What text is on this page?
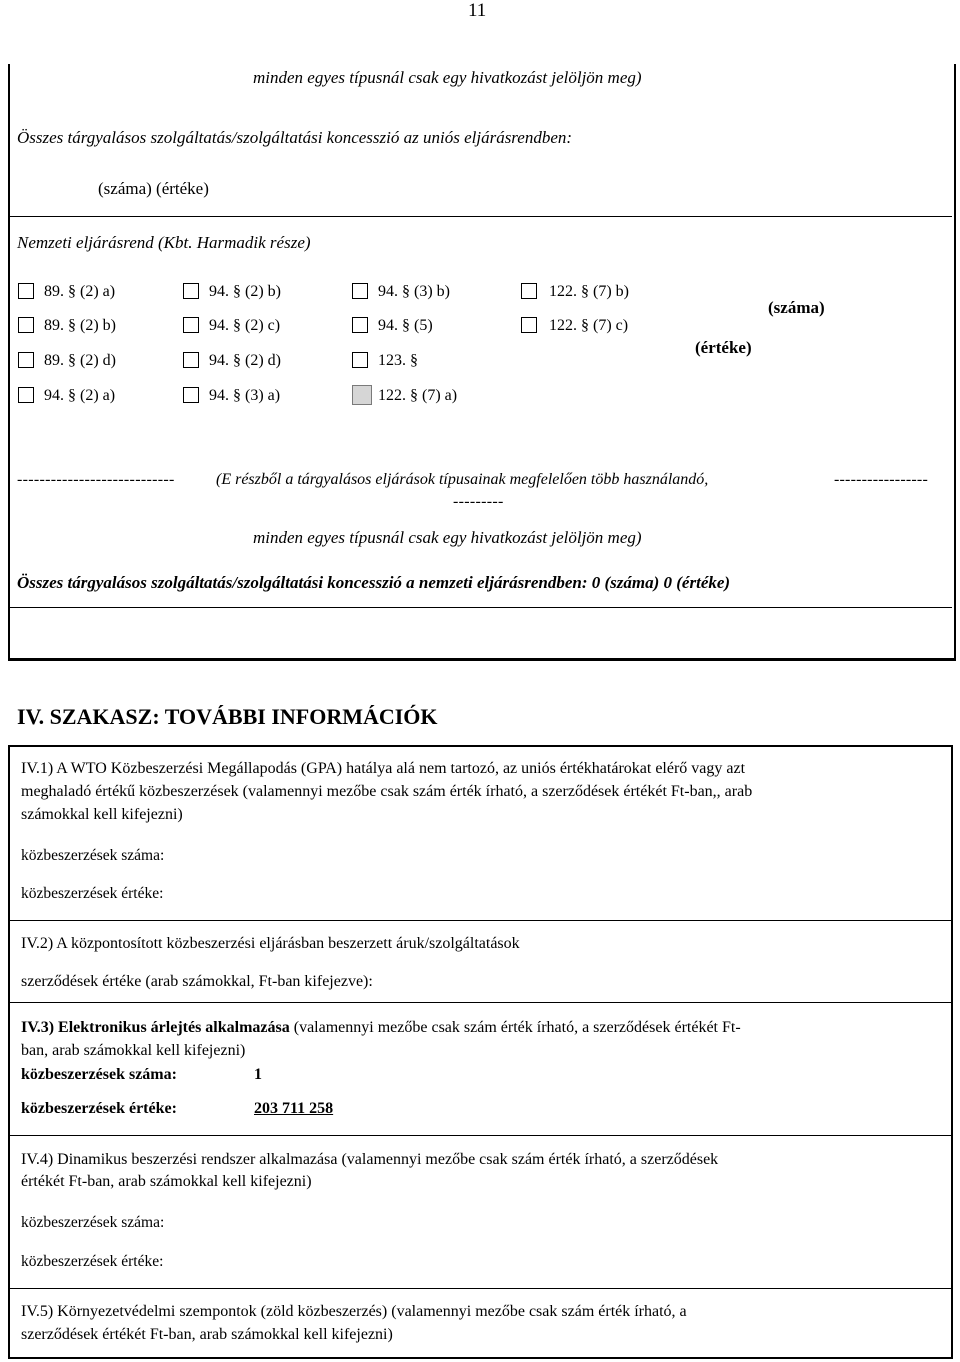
11
minden egyes típusnál csak egy hivatkozást jelöljön meg)
Összes tárgyalásos szolgáltatás/szolgáltatási koncesszió az uniós eljárásrendben:
(száma) (értéke)
Nemzeti eljárásrend (Kbt. Harmadik része)
89. § (2) a)	94. § (2) b)	94. § (3) b)	122. § (7) b)
89. § (2) b)	94. § (2) c)	94. § (5)	122. § (7) c)
89. § (2) d)	94. § (2) d)	123. §
94. § (2) a)	94. § (3) a)	122. § (7) a)
(száma)
(értéke)
----------------------------	(E részből a tárgyalásos eljárások típusainak megfelelően több használandó,	-----------------
---------
minden egyes típusnál csak egy hivatkozást jelöljön meg)
Összes tárgyalásos szolgáltatás/szolgáltatási koncesszió a nemzeti eljárásrendben: 0 (száma) 0 (értéke)
IV. SZAKASZ: TOVÁBBI INFORMÁCIÓK
IV.1) A WTO Közbeszerzési Megállapodás (GPA) hatálya alá nem tartozó, az uniós értékhatárokat elérő vagy azt
meghaladó értékű közbeszerzések (valamennyi mezőbe csak szám érték írható, a szerződések értékét Ft-ban,, arab
számokkal kell kifejezni)
közbeszerzések száma:
közbeszerzések értéke:
IV.2) A központosított közbeszerzési eljárásban beszerzett áruk/szolgáltatások
szerződések értéke (arab számokkal, Ft-ban kifejezve):
IV.3) Elektronikus árlejtés alkalmazása (valamennyi mezőbe csak szám érték írható, a szerződések értékét Ft-
ban, arab számokkal kell kifejezni)
közbeszerzések száma:	1
közbeszerzések értéke:	203 711 258
IV.4) Dinamikus beszerzési rendszer alkalmazása (valamennyi mezőbe csak szám érték írható, a szerződések
értékét Ft-ban, arab számokkal kell kifejezni)
közbeszerzések száma:
közbeszerzések értéke:
IV.5) Környezetvédelmi szempontok (zöld közbeszerzés) (valamennyi mezőbe csak szám érték írható, a
szerződések értékét Ft-ban, arab számokkal kell kifejezni)
